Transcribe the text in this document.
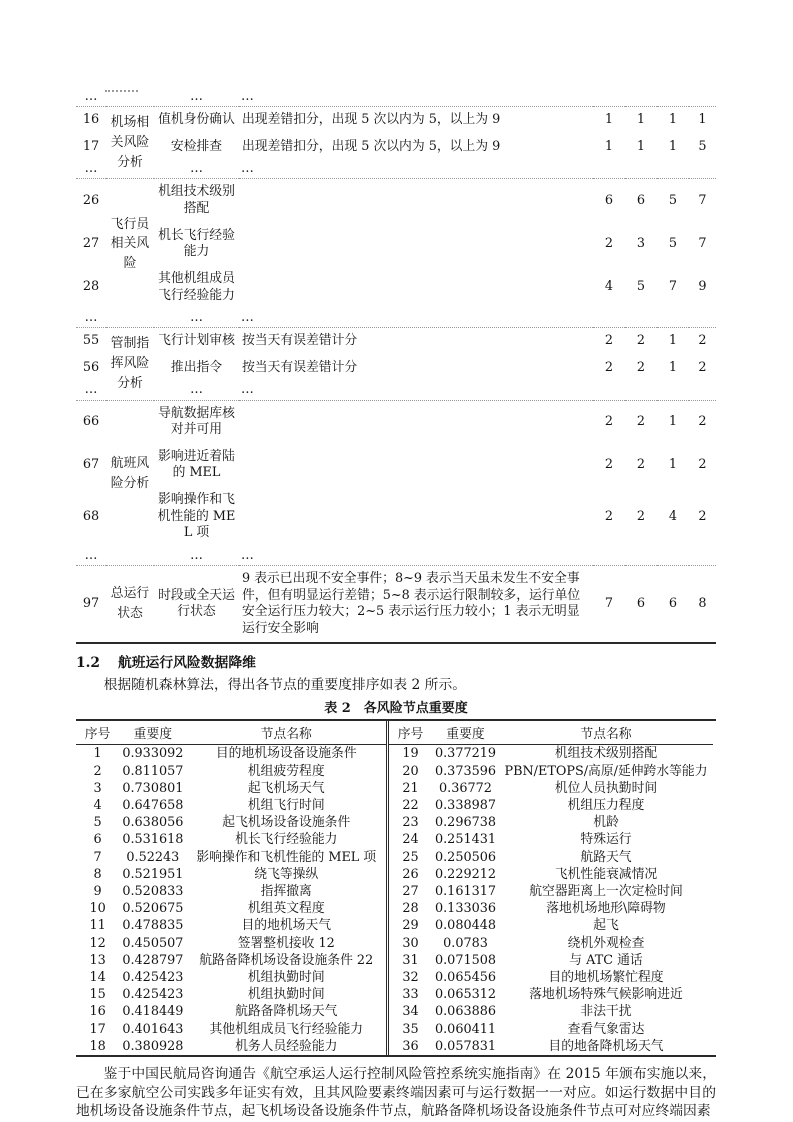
…		…	…				
16	机场相关风险分析	值机身份确认	出现差错扣分，出现 5 次以内为 5，以上为 9	1	1	1	1
17		安检排查	出现差错扣分，出现 5 次以内为 5，以上为 9	1	1	1	5
…		…	…				
26	飞行员相关风险	机组技术级别搭配		6	6	5	7
27		机长飞行经验能力		2	3	5	7
28		其他机组成员飞行经验能力		4	5	7	9
…		…	…				
55	管制指挥风险分析	飞行计划审核	按当天有误差错计分	2	2	1	2
56		推出指令	按当天有误差错计分	2	2	1	2
…		…	…				
66	航班风险分析	导航数据库核对并可用		2	2	1	2
67		影响进近着陆的 MEL		2	2	1	2
68		影响操作和飞机性能的 MEL 项		2	2	4	2
…		…	…				
97	总运行状态	时段或全天运行状态	9 表示已出现不安全事件；8~9 表示当天虽未发生不安全事件，但有明显运行差错；5~8 表示运行限制较多，运行单位安全运行压力较大；2~5 表示运行压力较小；1 表示无明显运行安全影响	7	6	6	8
1.2 航班运行风险数据降维

根据随机森林算法，得出各节点的重要度排序如表 2 所示。

表 2　各风险节点重要度
序号	重要度	节点名称
1	0.933092	目的地机场设备设施条件
2	0.811057	机组疲劳程度
3	0.730801	起飞机场天气
4	0.647658	机组飞行时间
5	0.638056	起飞机场设备设施条件
6	0.531618	机长飞行经验能力
7	0.52243	影响操作和飞机性能的 MEL 项
8	0.521951	绕飞等操纵
9	0.520833	指挥撤离
10	0.520675	机组英文程度
11	0.478835	目的地机场天气
12	0.450507	签署整机接收 12
13	0.428797	航路备降机场设备设施条件 22
14	0.425423	机组执勤时间
15	0.425423	机组执勤时间
16	0.418449	航路备降机场天气
17	0.401643	其他机组成员飞行经验能力
18	0.380928	机务人员经验能力
序号	重要度	节点名称
19	0.377219	机组技术级别搭配
20	0.373596	PBN/ETOPS/高原/延伸跨水等能力
21	0.36772	机位人员执勤时间
22	0.338987	机组压力程度
23	0.296738	机龄
24	0.251431	特殊运行
25	0.250506	航路天气
26	0.229212	飞机性能衰减情况
27	0.161317	航空器距离上一次定检时间
28	0.133036	落地机场地形\障碍物
29	0.080448	起飞
30	0.0783	绕机外观检查
31	0.071508	与 ATC 通话
32	0.065456	目的地机场繁忙程度
33	0.065312	落地机场特殊气候影响进近
34	0.063886	非法干扰
35	0.060411	查看气象雷达
36	0.057831	目的地备降机场天气

鉴于中国民航局咨询通告《航空承运人运行控制风险管控系统实施指南》在 2015 年颁布实施以来，已在多家航空公司实践多年证实有效，且其风险要素终端因素可与运行数据一一对应。如运行数据中目的地机场设备设施条件节点，起飞机场设备设施条件节点，航路备降机场设备设施条件节点可对应终端因素
